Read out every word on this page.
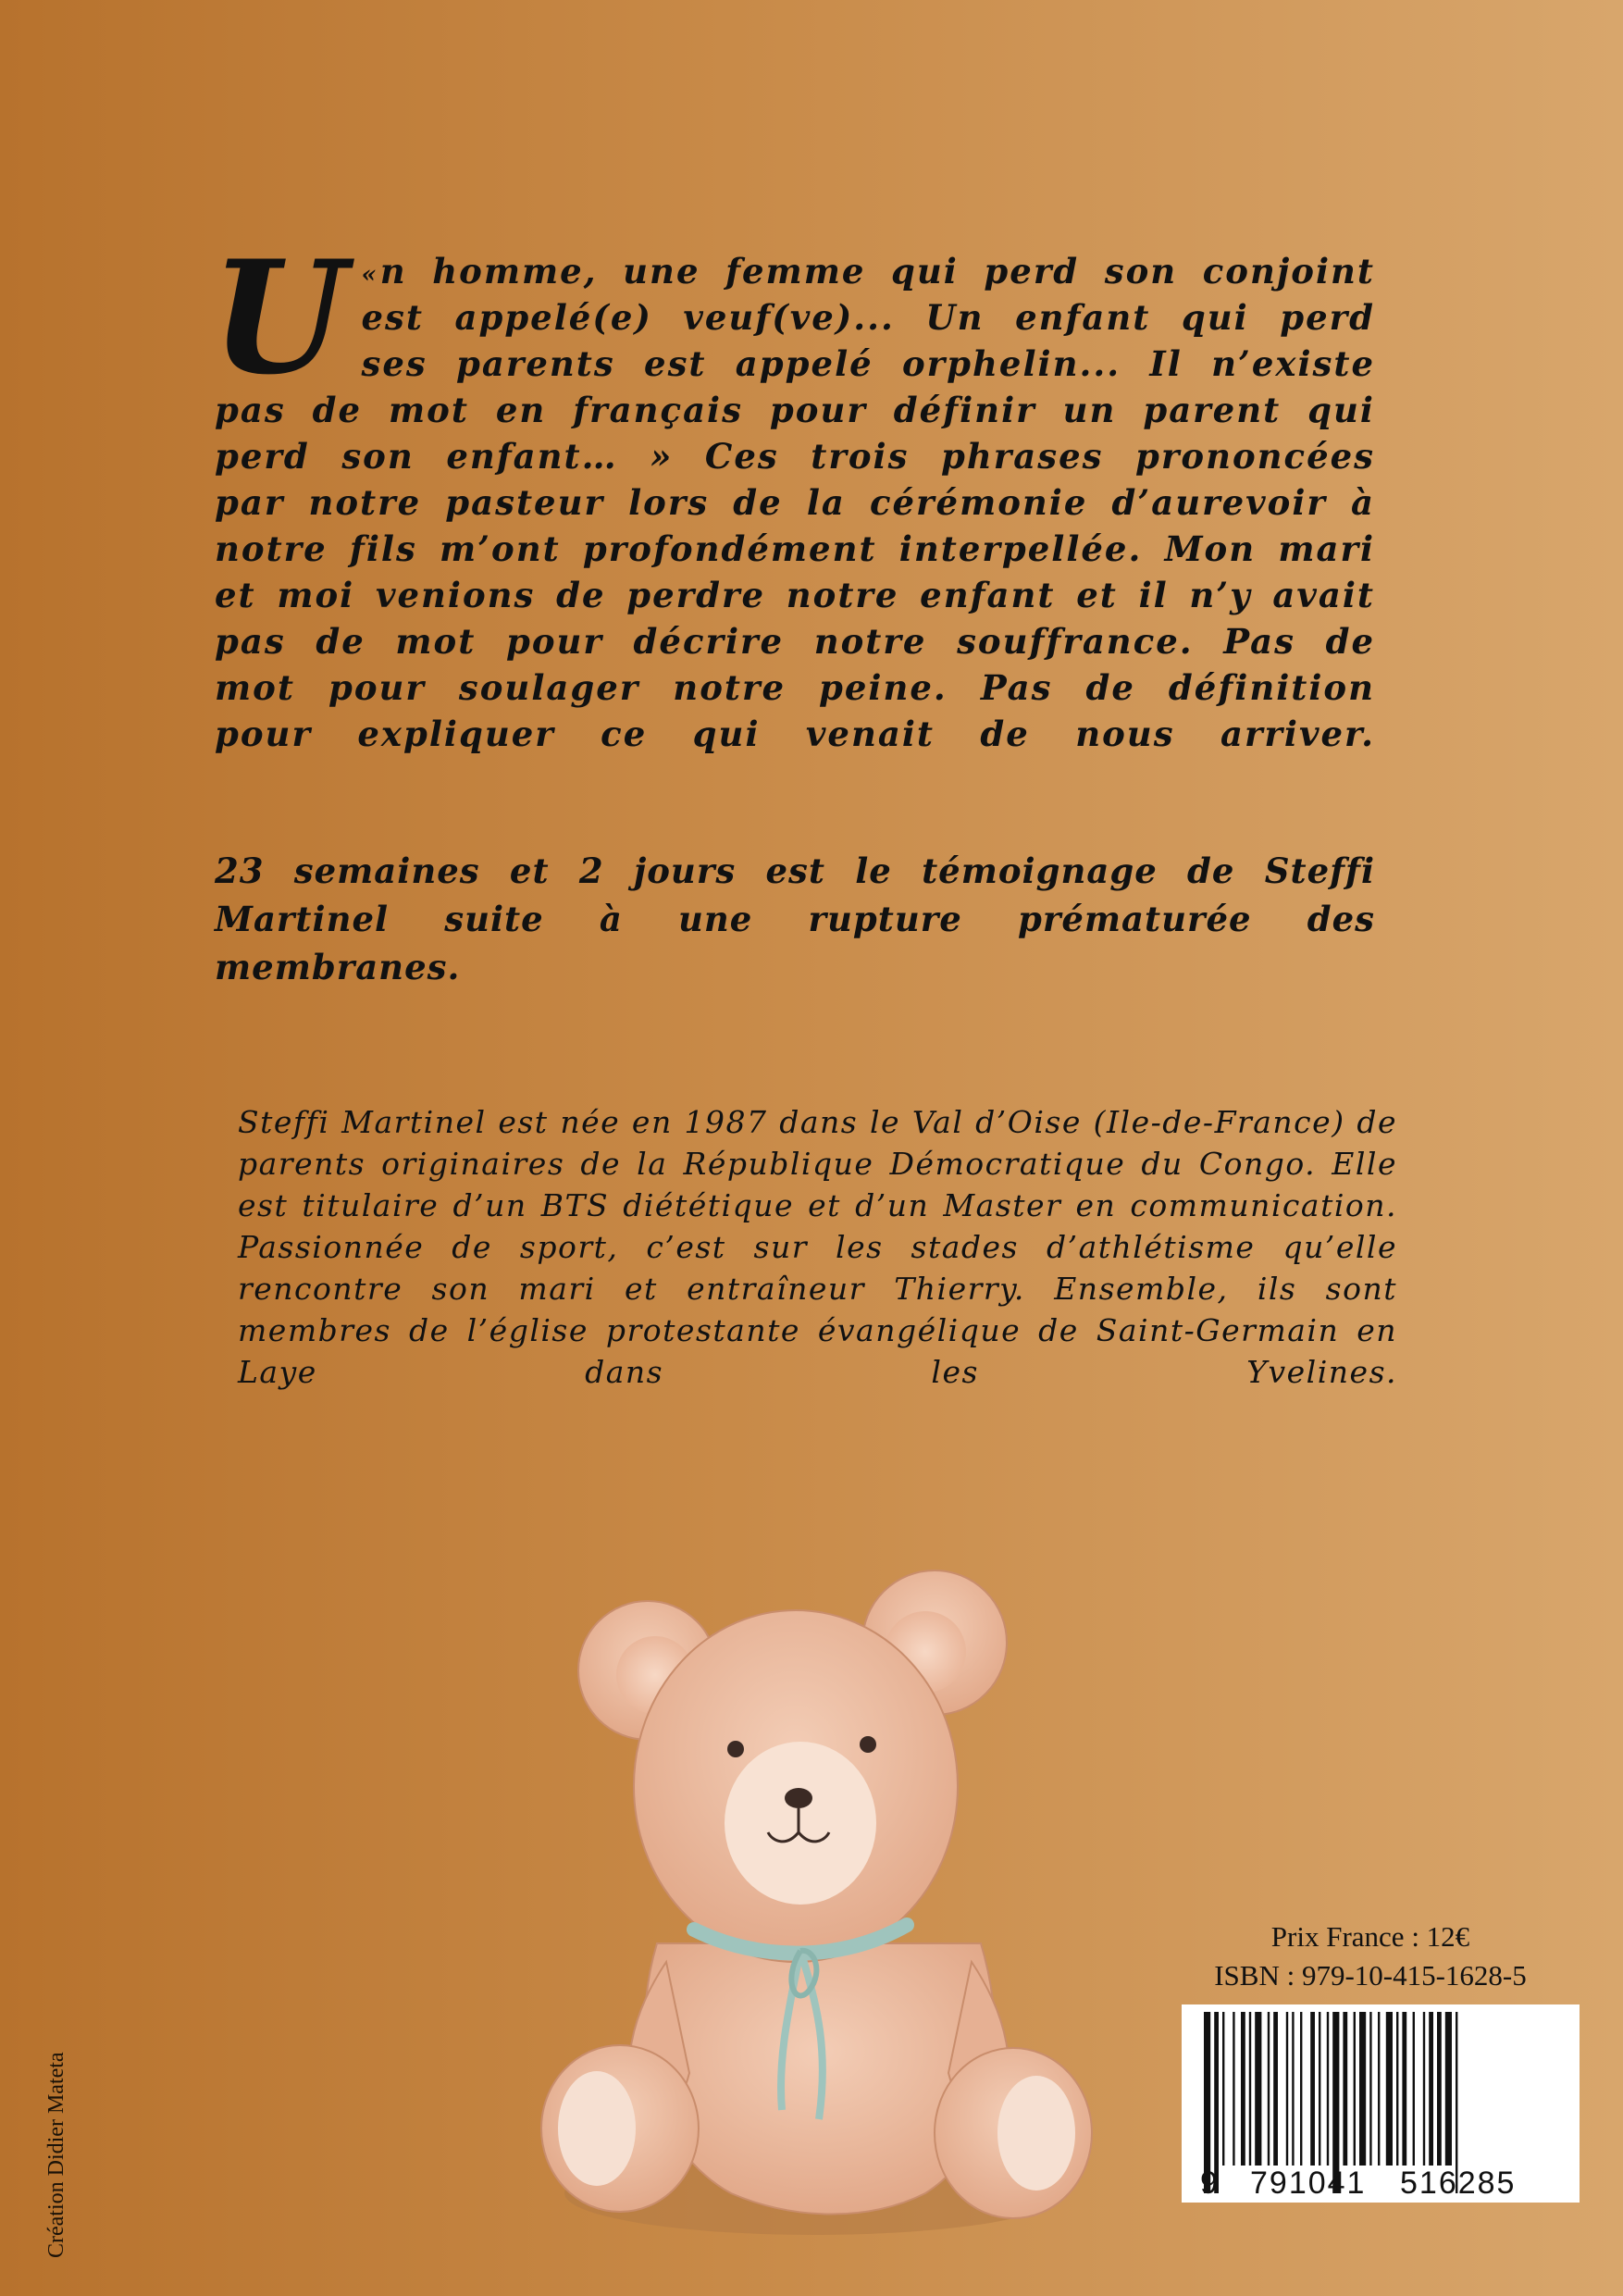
U «n homme, une femme qui perd son conjoint est appelé(e) veuf(ve)... Un enfant qui perd ses parents est appelé orphelin... Il n’existe pas de mot en français pour définir un parent qui perd son enfant… » Ces trois phrases prononcées par notre pasteur lors de la cérémonie d’aurevoir à notre fils m’ont profondément interpellée. Mon mari et moi venions de perdre notre enfant et il n’y avait pas de mot pour décrire notre souffrance. Pas de mot pour soulager notre peine. Pas de définition pour expliquer ce qui venait de nous arriver.

23 semaines et 2 jours est le témoignage de Steffi Martinel suite à une rupture prématurée des membranes.
Steffi Martinel est née en 1987 dans le Val d’Oise (Ile-de-France) de parents originaires de la République Démocratique du Congo. Elle est titulaire d’un BTS diététique et d’un Master en communication. Passionnée de sport, c’est sur les stades d’athlétisme qu’elle rencontre son mari et entraîneur Thierry. Ensemble, ils sont membres de l’église protestante évangélique de Saint-Germain en Laye dans les Yvelines.
Création Didier Mateta
Prix France : 12€
ISBN : 979-10-415-1628-5
9 791041 516285
